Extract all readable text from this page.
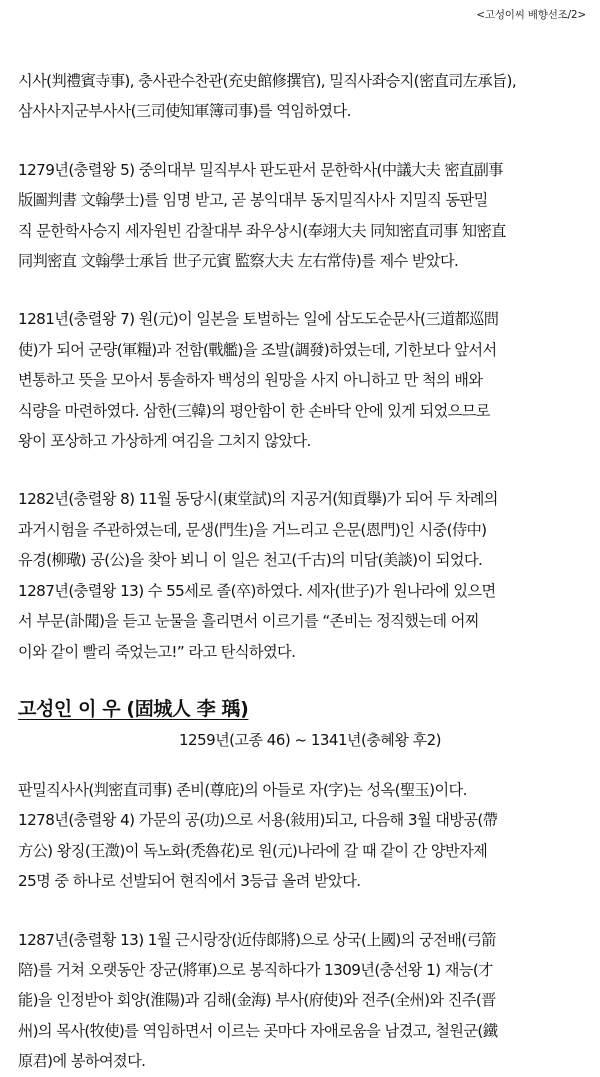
<고성이씨 배향선조/2>

시사(判禮賓寺事), 충사관수찬관(充史館修撰官), 밀직사좌승지(密直司左承旨),
삼사사지군부사사(三司使知軍簿司事)를 역임하였다.

1279년(충렬왕 5) 중의대부 밀직부사 판도판서 문한학사(中議大夫 密直副事
版圖判書 文翰學士)를 임명 받고, 곧 봉익대부 동지밀직사사 지밀직 동판밀
직 문한학사승지 세자원빈 감찰대부 좌우상시(奉翊大夫 同知密直司事 知密直
同判密直 文翰學士承旨 世子元賓 監察大夫 左右常侍)를 제수 받았다.

1281년(충렬왕 7) 원(元)이 일본을 토벌하는 일에 삼도도순문사(三道都巡問
使)가 되어 군량(軍糧)과 전함(戰艦)을 조발(調發)하였는데, 기한보다 앞서서
변통하고 뜻을 모아서 통솔하자 백성의 원망을 사지 아니하고 만 척의 배와
식량을 마련하였다. 삼한(三韓)의 평안함이 한 손바닥 안에 있게 되었으므로
왕이 포상하고 가상하게 여김을 그치지 않았다.

1282년(충렬왕 8) 11월 동당시(東堂試)의 지공거(知貢擧)가 되어 두 차례의
과거시험을 주관하였는데, 문생(門生)을 거느리고 은문(恩門)인 시중(侍中)
유경(柳璥) 공(公)을 찾아 뵈니 이 일은 천고(千古)의 미담(美談)이 되었다.
1287년(충렬왕 13) 수 55세로 졸(卒)하였다. 세자(世子)가 원나라에 있으면
서 부문(訃聞)을 듣고 눈물을 흘리면서 이르기를 “존비는 정직했는데 어찌
이와 같이 빨리 죽었는고!” 라고 탄식하였다.

고성인 이 우 (固城人 李 瑀)

1259년(고종 46) ~ 1341년(충혜왕 후2)

판밀직사사(判密直司事) 존비(尊庇)의 아들로 자(字)는 성옥(聖玉)이다.
1278년(충렬왕 4) 가문의 공(功)으로 서용(敍用)되고, 다음해 3월 대방공(帶
方公) 왕징(王澂)이 독노화(禿魯花)로 원(元)나라에 갈 때 같이 간 양반자제
25명 중 하나로 선발되어 현직에서 3등급 올려 받았다.

1287년(충렬황 13) 1월 근시랑장(近侍郞將)으로 상국(上國)의 궁전배(弓箭
陪)를 거쳐 오랫동안 장군(將軍)으로 봉직하다가 1309년(충선왕 1) 재능(才
能)을 인정받아 회양(淮陽)과 김해(金海) 부사(府使)와 전주(全州)와 진주(晋
州)의 목사(牧使)를 역임하면서 이르는 곳마다 자애로움을 남겼고, 철원군(鐵
原君)에 봉하여졌다.
